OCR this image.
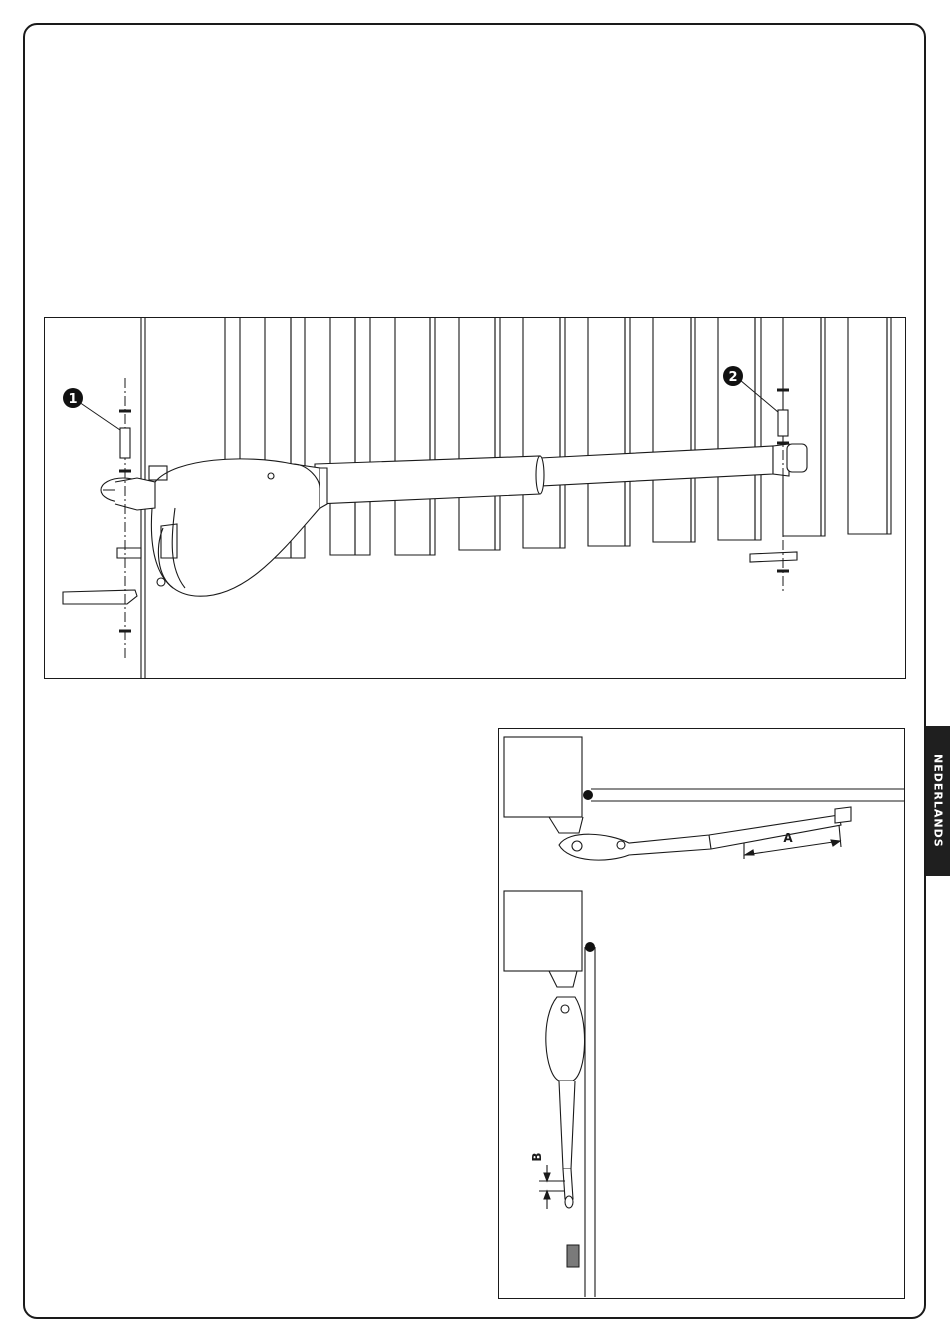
1
2
A
B
NEDERLANDS
